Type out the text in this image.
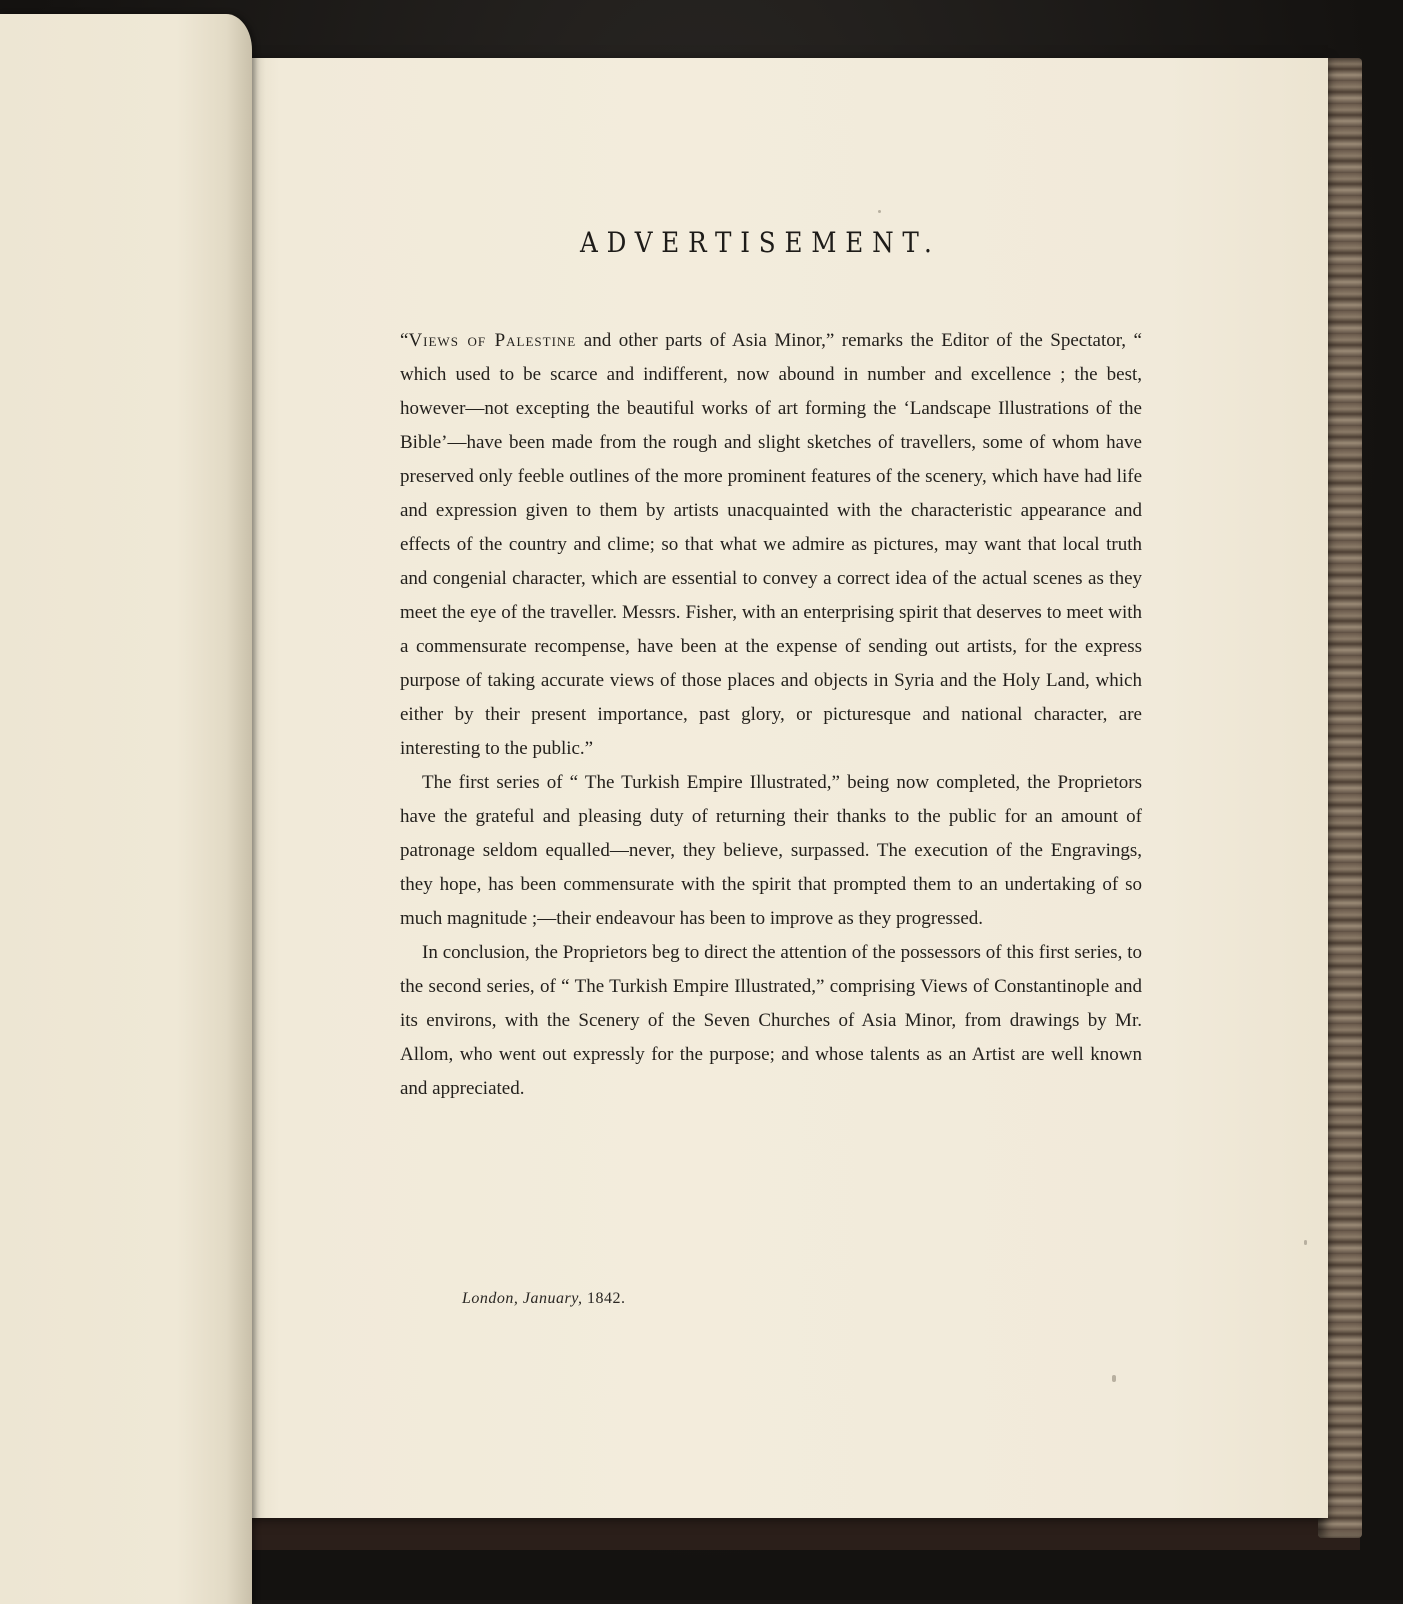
ADVERTISEMENT.

“Views of Palestine and other parts of Asia Minor,” remarks the Editor of the Spectator, “ which used to be scarce and indifferent, now abound in number and excellence ; the best, however—not excepting the beautiful works of art forming the ‘Landscape Illustrations of the Bible’—have been made from the rough and slight sketches of travellers, some of whom have preserved only feeble outlines of the more prominent features of the scenery, which have had life and expression given to them by artists unacquainted with the characteristic appearance and effects of the country and clime; so that what we admire as pictures, may want that local truth and congenial character, which are essential to convey a correct idea of the actual scenes as they meet the eye of the traveller. Messrs. Fisher, with an enterprising spirit that deserves to meet with a commensurate recompense, have been at the expense of sending out artists, for the express purpose of taking accurate views of those places and objects in Syria and the Holy Land, which either by their present importance, past glory, or picturesque and national character, are interesting to the public.”

The first series of “ The Turkish Empire Illustrated,” being now completed, the Proprietors have the grateful and pleasing duty of returning their thanks to the public for an amount of patronage seldom equalled—never, they believe, surpassed. The execution of the Engravings, they hope, has been commensurate with the spirit that prompted them to an undertaking of so much magnitude ;—their endeavour has been to improve as they progressed.

In conclusion, the Proprietors beg to direct the attention of the possessors of this first series, to the second series, of “ The Turkish Empire Illustrated,” comprising Views of Constantinople and its environs, with the Scenery of the Seven Churches of Asia Minor, from drawings by Mr. Allom, who went out expressly for the purpose; and whose talents as an Artist are well known and appreciated.

London, January, 1842.
